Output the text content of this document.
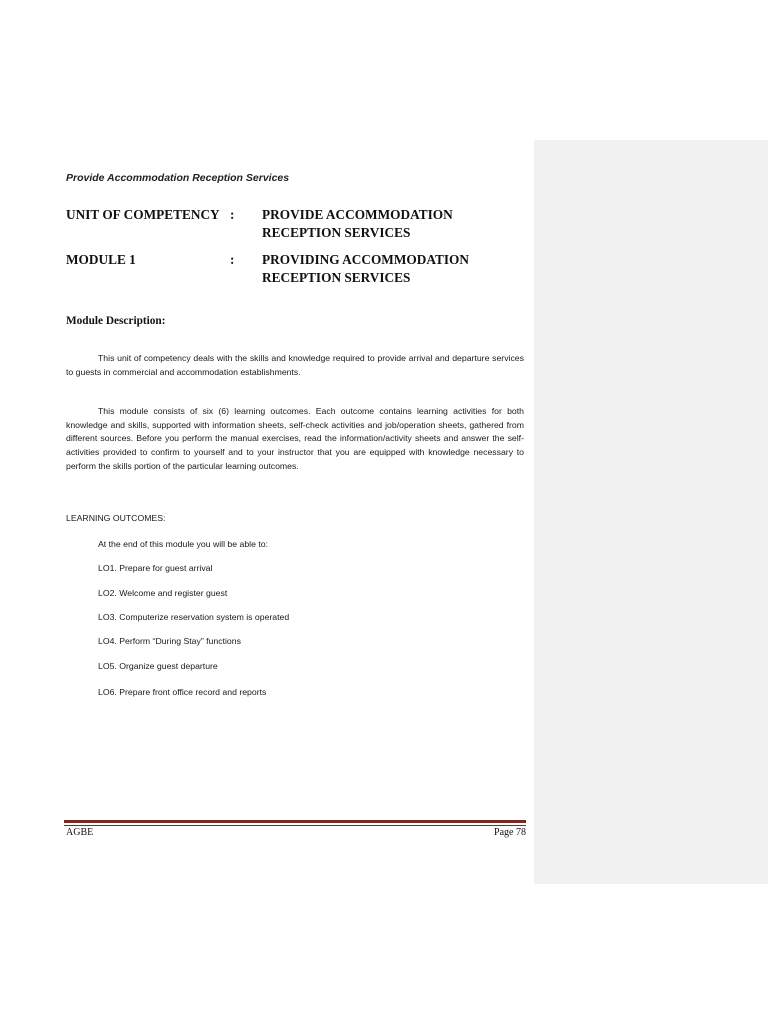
Provide Accommodation Reception Services
UNIT OF COMPETENCY : PROVIDE ACCOMMODATION RECEPTION SERVICES
MODULE 1	: PROVIDING ACCOMMODATION RECEPTION SERVICES
Module Description:
This unit of competency deals with the skills and knowledge required to provide arrival and departure services to guests in commercial and accommodation establishments.
This module consists of six (6) learning outcomes. Each outcome contains learning activities for both knowledge and skills, supported with information sheets, self-check activities and job/operation sheets, gathered from different sources. Before you perform the manual exercises, read the information/activity sheets and answer the self-activities provided to confirm to yourself and to your instructor that you are equipped with knowledge necessary to perform the skills portion of the particular learning outcomes.
LEARNING OUTCOMES:
At the end of this module you will be able to:
LO1. Prepare for guest arrival
LO2. Welcome and register guest
LO3. Computerize reservation system is operated
LO4. Perform “During Stay” functions
LO5. Organize guest departure
LO6. Prepare front office record and reports
AGBE	Page 78
